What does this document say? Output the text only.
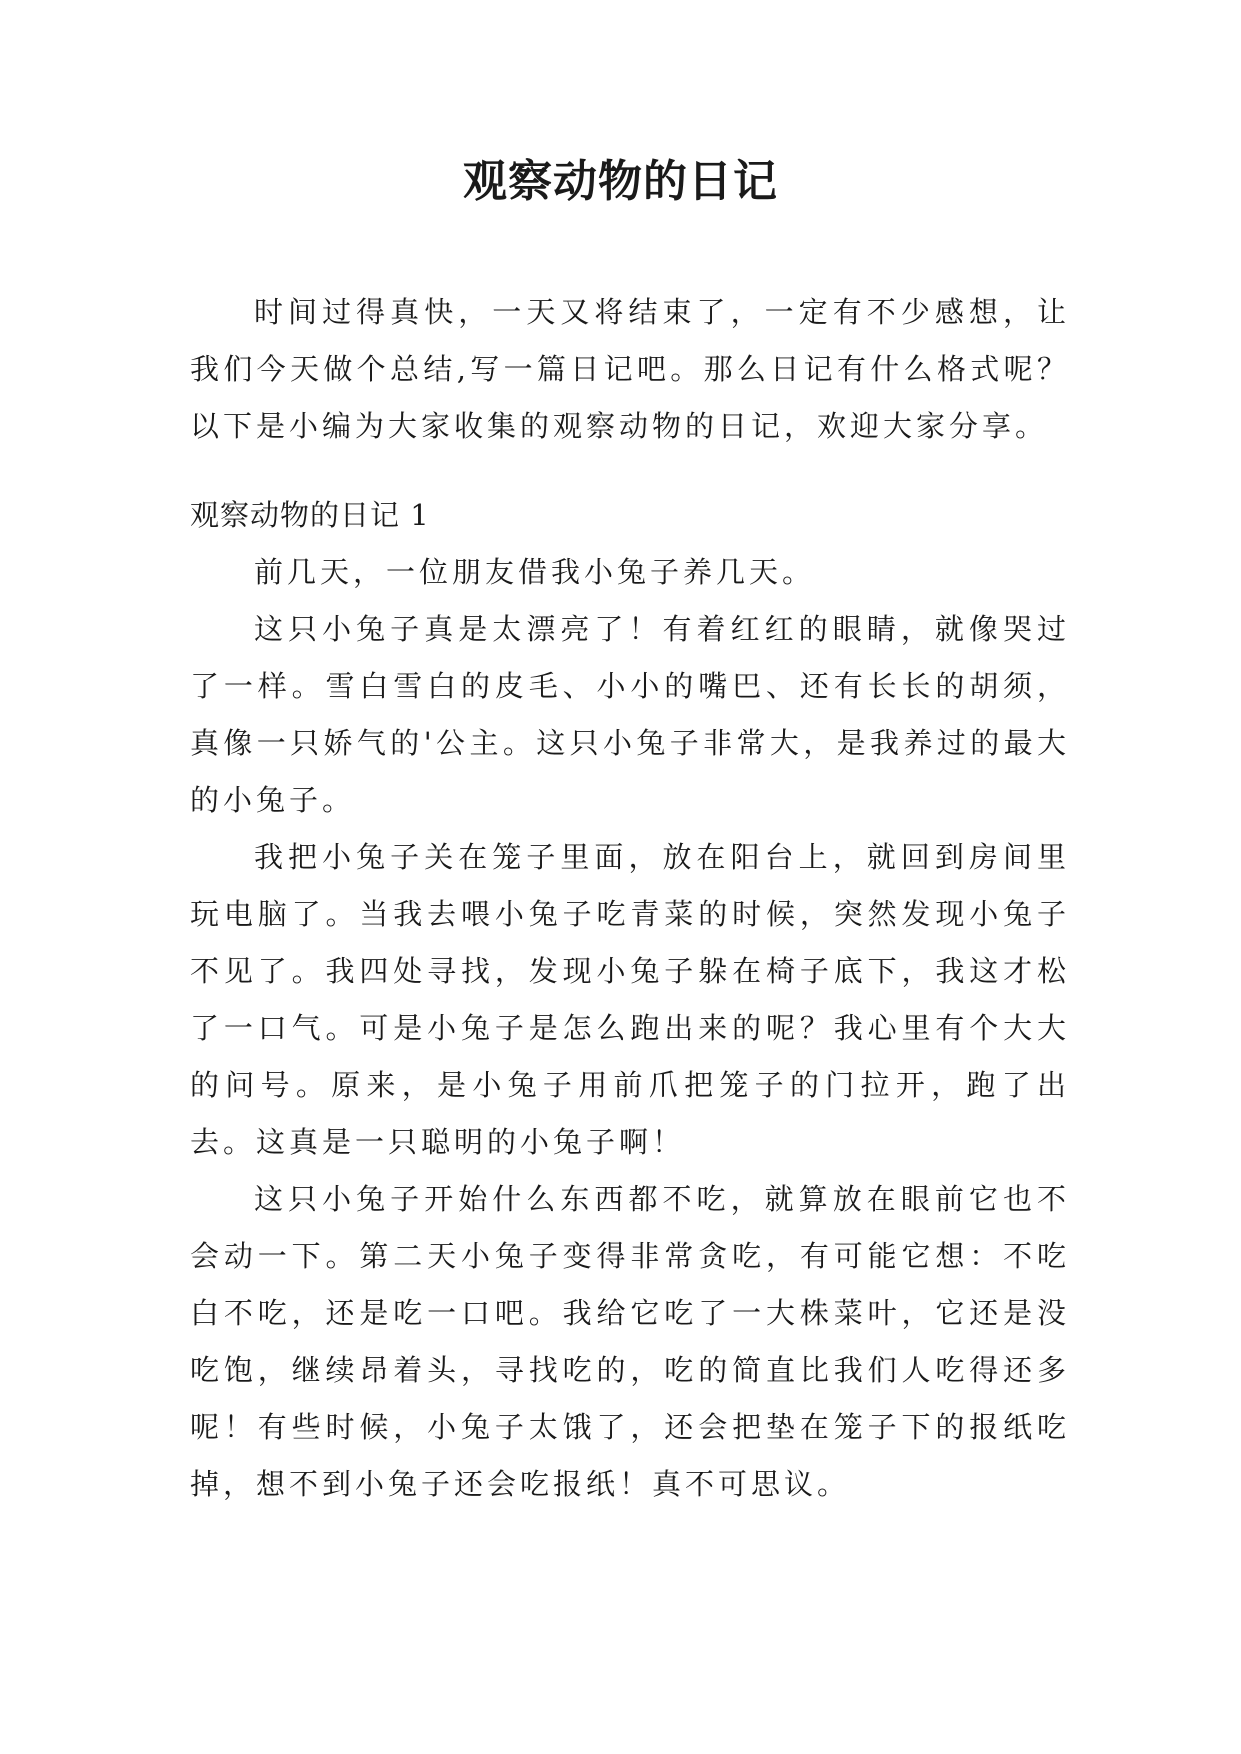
观察动物的日记

时间过得真快，一天又将结束了，一定有不少感想，让我们今天做个总结,写一篇日记吧。那么日记有什么格式呢？以下是小编为大家收集的观察动物的日记，欢迎大家分享。

观察动物的日记 1

前几天，一位朋友借我小兔子养几天。

这只小兔子真是太漂亮了！有着红红的眼睛，就像哭过了一样。雪白雪白的皮毛、小小的嘴巴、还有长长的胡须，真像一只娇气的'公主。这只小兔子非常大，是我养过的最大的小兔子。

我把小兔子关在笼子里面，放在阳台上，就回到房间里玩电脑了。当我去喂小兔子吃青菜的时候，突然发现小兔子不见了。我四处寻找，发现小兔子躲在椅子底下，我这才松了一口气。可是小兔子是怎么跑出来的呢？我心里有个大大的问号。原来，是小兔子用前爪把笼子的门拉开，跑了出去。这真是一只聪明的小兔子啊！

这只小兔子开始什么东西都不吃，就算放在眼前它也不会动一下。第二天小兔子变得非常贪吃，有可能它想：不吃白不吃，还是吃一口吧。我给它吃了一大株菜叶，它还是没吃饱，继续昂着头，寻找吃的，吃的简直比我们人吃得还多呢！有些时候，小兔子太饿了，还会把垫在笼子下的报纸吃掉，想不到小兔子还会吃报纸！真不可思议。
